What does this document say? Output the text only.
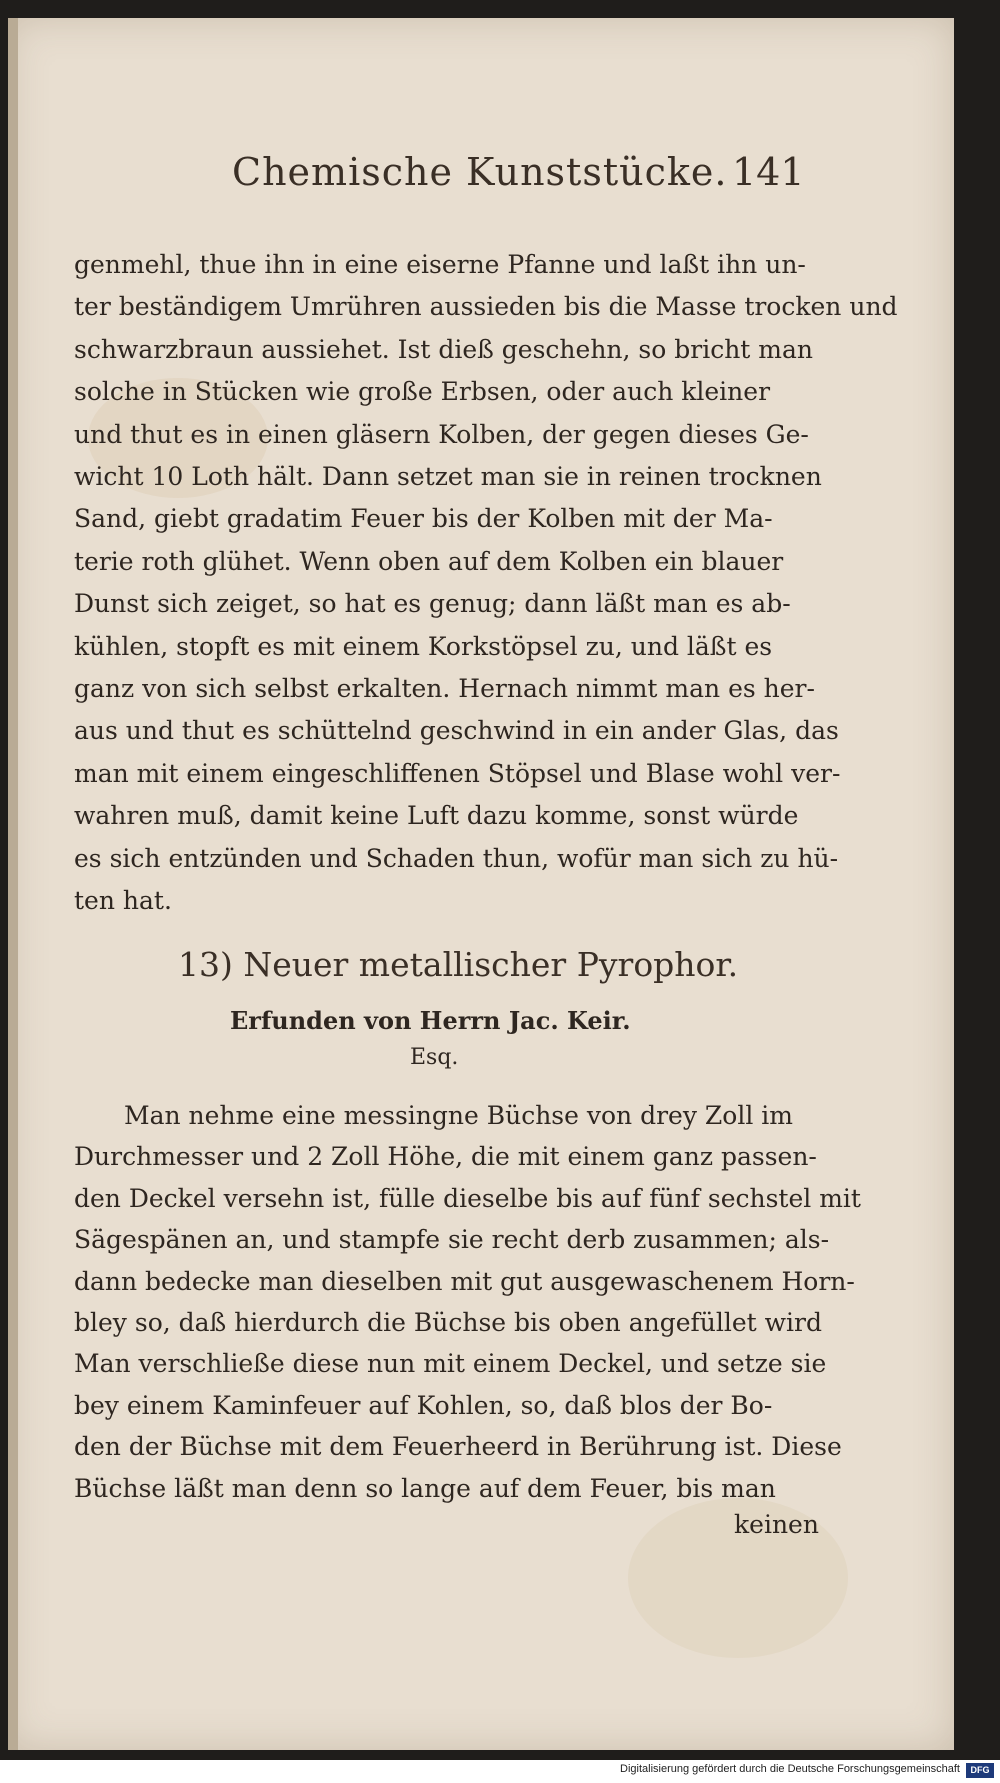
Chemische Kunststücke. 141
genmehl, thue ihn in eine eiserne Pfanne und laßt ihn un-
ter beständigem Umrühren aussieden bis die Masse trocken und
schwarzbraun aussiehet. Ist dieß geschehn, so bricht man
solche in Stücken wie große Erbsen, oder auch kleiner
und thut es in einen gläsern Kolben, der gegen dieses Ge-
wicht 10 Loth hält. Dann setzet man sie in reinen trocknen
Sand, giebt gradatim Feuer bis der Kolben mit der Ma-
terie roth glühet. Wenn oben auf dem Kolben ein blauer
Dunst sich zeiget, so hat es genug; dann läßt man es ab-
kühlen, stopft es mit einem Korkstöpsel zu, und läßt es
ganz von sich selbst erkalten. Hernach nimmt man es her-
aus und thut es schüttelnd geschwind in ein ander Glas, das
man mit einem eingeschliffenen Stöpsel und Blase wohl ver-
wahren muß, damit keine Luft dazu komme, sonst würde
es sich entzünden und Schaden thun, wofür man sich zu hü-
ten hat.
13) Neuer metallischer Pyrophor.
Erfunden von Herrn Jac. Keir.
Esq.
Man nehme eine messingne Büchse von drey Zoll im
Durchmesser und 2 Zoll Höhe, die mit einem ganz passen-
den Deckel versehn ist, fülle dieselbe bis auf fünf sechstel mit
Sägespänen an, und stampfe sie recht derb zusammen; als-
dann bedecke man dieselben mit gut ausgewaschenem Horn-
bley so, daß hierdurch die Büchse bis oben angefüllet wird
Man verschließe diese nun mit einem Deckel, und setze sie
bey einem Kaminfeuer auf Kohlen, so, daß blos der Bo-
den der Büchse mit dem Feuerheerd in Berührung ist. Diese
Büchse läßt man denn so lange auf dem Feuer, bis man
keinen
Digitalisierung gefördert durch die Deutsche Forschungsgemeinschaft	DFG
